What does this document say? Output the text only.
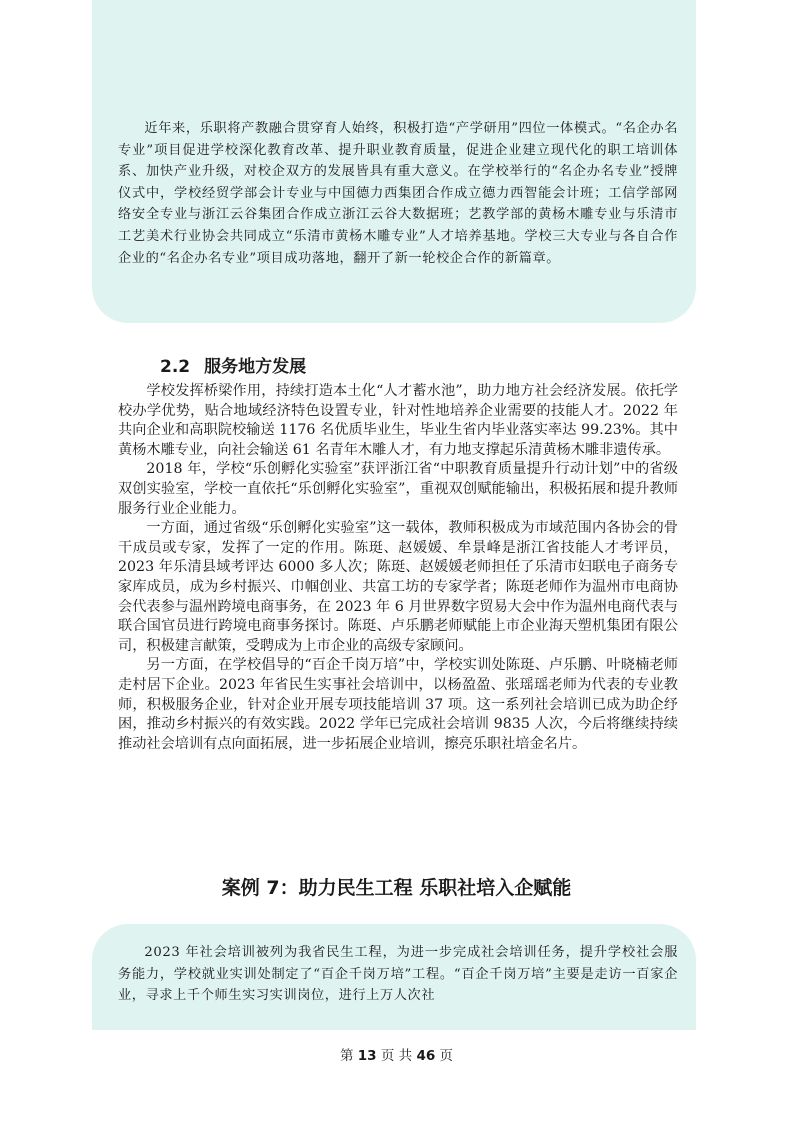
近年来，乐职将产教融合贯穿育人始终，积极打造“产学研用”四位一体模式。“名企办名专业”项目促进学校深化教育改革、提升职业教育质量，促进企业建立现代化的职工培训体系、加快产业升级，对校企双方的发展皆具有重大意义。在学校举行的“名企办名专业”授牌仪式中，学校经贸学部会计专业与中国德力西集团合作成立德力西智能会计班；工信学部网络安全专业与浙江云谷集团合作成立浙江云谷大数据班；艺教学部的黄杨木雕专业与乐清市工艺美术行业协会共同成立“乐清市黄杨木雕专业”人才培养基地。学校三大专业与各自合作企业的“名企办名专业”项目成功落地，翻开了新一轮校企合作的新篇章。

2.2 服务地方发展

学校发挥桥梁作用，持续打造本土化“人才蓄水池”，助力地方社会经济发展。依托学校办学优势，贴合地域经济特色设置专业，针对性地培养企业需要的技能人才。2022 年共向企业和高职院校输送 1176 名优质毕业生，毕业生省内毕业落实率达 99.23%。其中黄杨木雕专业，向社会输送 61 名青年木雕人才，有力地支撑起乐清黄杨木雕非遗传承。

2018 年，学校“乐创孵化实验室”获评浙江省“中职教育质量提升行动计划”中的省级双创实验室，学校一直依托“乐创孵化实验室”，重视双创赋能输出，积极拓展和提升教师服务行业企业能力。

一方面，通过省级“乐创孵化实验室”这一载体，教师积极成为市域范围内各协会的骨干成员或专家，发挥了一定的作用。陈珽、赵媛媛、牟景峰是浙江省技能人才考评员，2023 年乐清县域考评达 6000 多人次；陈珽、赵媛媛老师担任了乐清市妇联电子商务专家库成员，成为乡村振兴、巾帼创业、共富工坊的专家学者；陈珽老师作为温州市电商协会代表参与温州跨境电商事务，在 2023 年 6 月世界数字贸易大会中作为温州电商代表与联合国官员进行跨境电商事务探讨。陈珽、卢乐鹏老师赋能上市企业海天塑机集团有限公司，积极建言献策，受聘成为上市企业的高级专家顾问。

另一方面，在学校倡导的“百企千岗万培”中，学校实训处陈珽、卢乐鹏、叶晓楠老师走村居下企业。2023 年省民生实事社会培训中，以杨盈盈、张瑶瑶老师为代表的专业教师，积极服务企业，针对企业开展专项技能培训 37 项。这一系列社会培训已成为助企纾困，推动乡村振兴的有效实践。2022 学年已完成社会培训 9835 人次，今后将继续持续推动社会培训有点向面拓展，进一步拓展企业培训，擦亮乐职社培金名片。

案例 7：助力民生工程 乐职社培入企赋能

2023 年社会培训被列为我省民生工程，为进一步完成社会培训任务，提升学校社会服务能力，学校就业实训处制定了“百企千岗万培”工程。“百企千岗万培”主要是走访一百家企业，寻求上千个师生实习实训岗位，进行上万人次社

第 13 页 共 46 页
